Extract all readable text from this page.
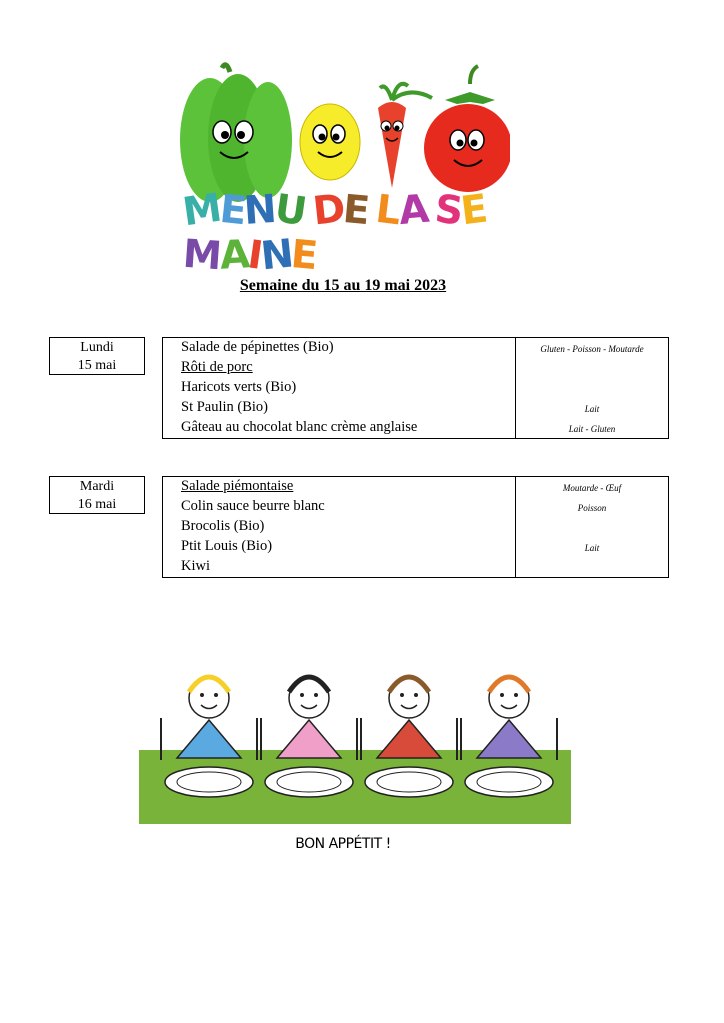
MENU DE LA SEMAINE
Semaine du 15 au 19 mai 2023
Lundi
15 mai
Salade de pépinettes (Bio)	Gluten - Poisson - Moutarde
Rôti de porc
Haricots verts (Bio)
St Paulin (Bio)	Lait
Gâteau au chocolat blanc crème anglaise	Lait - Gluten
Mardi
16 mai
Salade piémontaise	Moutarde - Œuf
Colin sauce beurre blanc	Poisson
Brocolis (Bio)
Ptit Louis (Bio)	Lait
Kiwi
BON APPÉTIT !
